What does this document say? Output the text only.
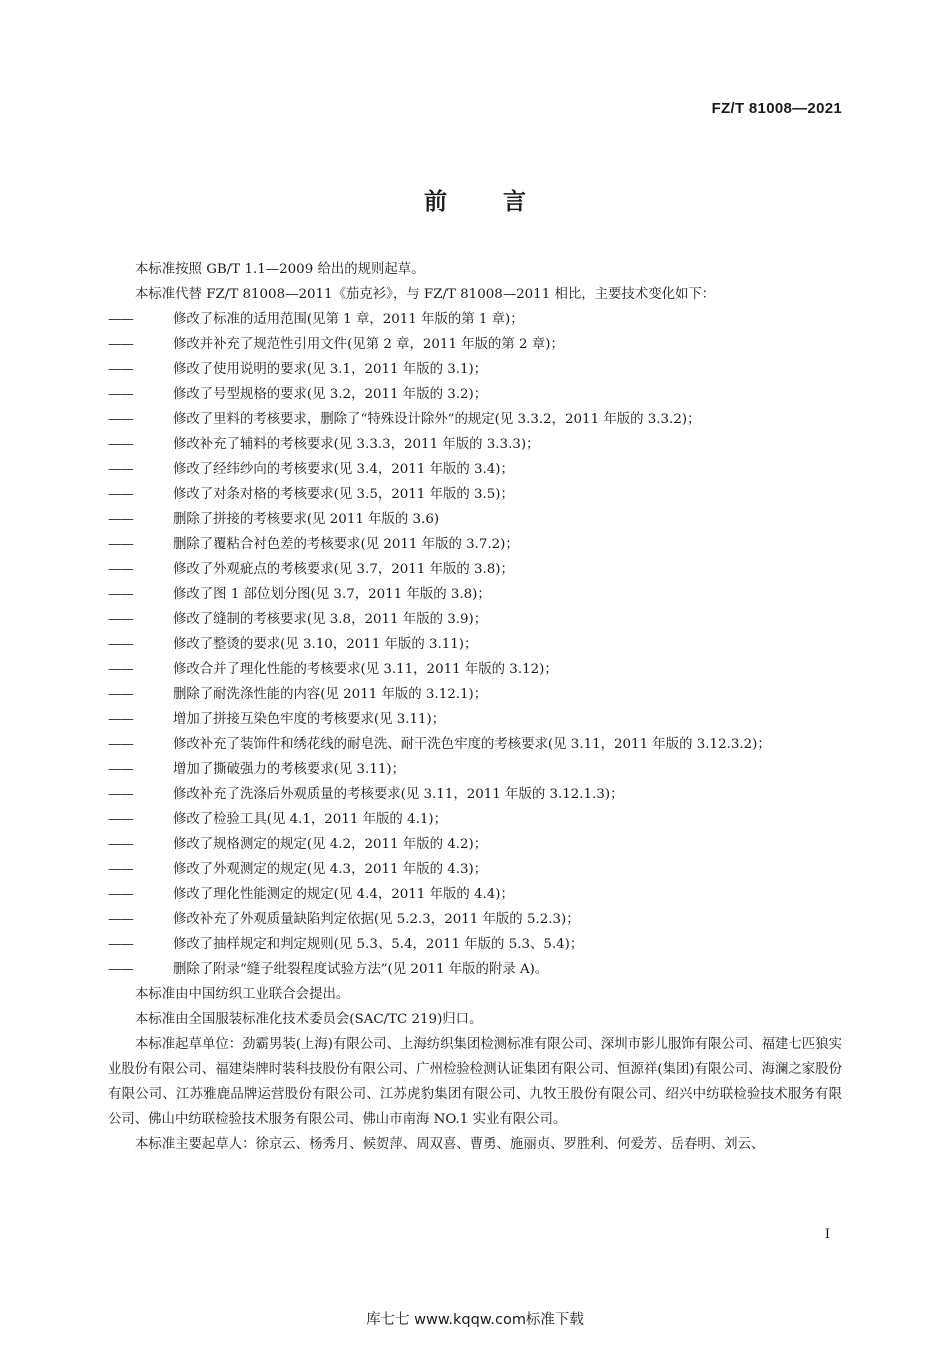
FZ/T 81008—2021
前言

本标准按照 GB/T 1.1—2009 给出的规则起草。

本标准代替 FZ/T 81008—2011《茄克衫》，与 FZ/T 81008—2011 相比，主要技术变化如下：

——	修改了标准的适用范围(见第 1 章，2011 年版的第 1 章)；

——	修改并补充了规范性引用文件(见第 2 章，2011 年版的第 2 章)；

——	修改了使用说明的要求(见 3.1，2011 年版的 3.1)；

——	修改了号型规格的要求(见 3.2，2011 年版的 3.2)；

——	修改了里料的考核要求，删除了“特殊设计除外”的规定(见 3.3.2，2011 年版的 3.3.2)；

——	修改补充了辅料的考核要求(见 3.3.3，2011 年版的 3.3.3)；

——	修改了经纬纱向的考核要求(见 3.4，2011 年版的 3.4)；

——	修改了对条对格的考核要求(见 3.5，2011 年版的 3.5)；

——	删除了拼接的考核要求(见 2011 年版的 3.6)

——	删除了覆粘合衬色差的考核要求(见 2011 年版的 3.7.2)；

——	修改了外观疵点的考核要求(见 3.7，2011 年版的 3.8)；

——	修改了图 1 部位划分图(见 3.7，2011 年版的 3.8)；

——	修改了缝制的考核要求(见 3.8，2011 年版的 3.9)；

——	修改了整烫的要求(见 3.10，2011 年版的 3.11)；

——	修改合并了理化性能的考核要求(见 3.11，2011 年版的 3.12)；

——	删除了耐洗涤性能的内容(见 2011 年版的 3.12.1)；

——	增加了拼接互染色牢度的考核要求(见 3.11)；

——	修改补充了装饰件和绣花线的耐皂洗、耐干洗色牢度的考核要求(见 3.11，2011 年版的 3.12.3.2)；

——	增加了撕破强力的考核要求(见 3.11)；

——	修改补充了洗涤后外观质量的考核要求(见 3.11，2011 年版的 3.12.1.3)；

——	修改了检验工具(见 4.1，2011 年版的 4.1)；

——	修改了规格测定的规定(见 4.2，2011 年版的 4.2)；

——	修改了外观测定的规定(见 4.3，2011 年版的 4.3)；

——	修改了理化性能测定的规定(见 4.4，2011 年版的 4.4)；

——	修改补充了外观质量缺陷判定依据(见 5.2.3，2011 年版的 5.2.3)；

——	修改了抽样规定和判定规则(见 5.3、5.4，2011 年版的 5.3、5.4)；

——	删除了附录“缝子纰裂程度试验方法”(见 2011 年版的附录 A)。

本标准由中国纺织工业联合会提出。

本标准由全国服装标准化技术委员会(SAC/TC 219)归口。

本标准起草单位：劲霸男装(上海)有限公司、上海纺织集团检测标准有限公司、深圳市影儿服饰有限公司、福建七匹狼实业股份有限公司、福建柒牌时装科技股份有限公司、广州检验检测认证集团有限公司、恒源祥(集团)有限公司、海澜之家股份有限公司、江苏雅鹿品牌运营股份有限公司、江苏虎豹集团有限公司、九牧王股份有限公司、绍兴中纺联检验技术服务有限公司、佛山中纺联检验技术服务有限公司、佛山市南海 NO.1 实业有限公司。

本标准主要起草人：徐京云、杨秀月、候贺萍、周双喜、曹勇、施丽贞、罗胜利、何爱芳、岳春明、刘云、

I
库七七 www.kqqw.com标准下载
